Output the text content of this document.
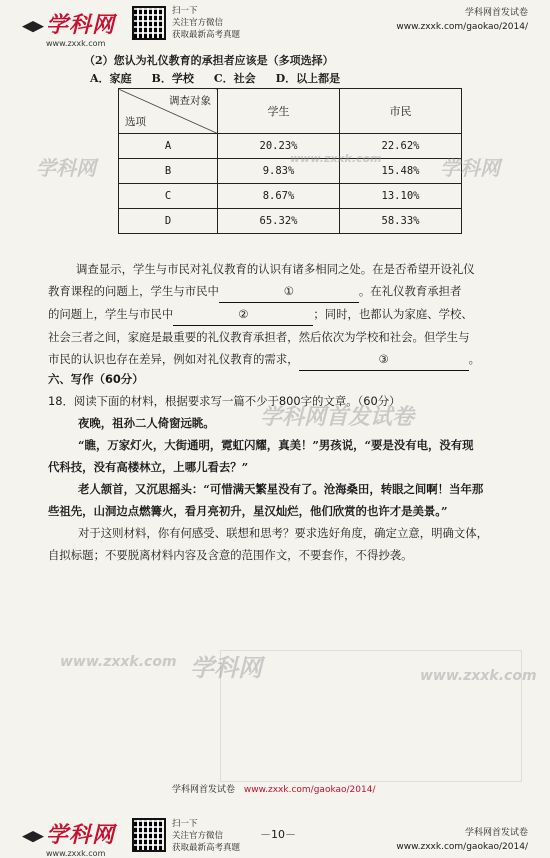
学科网
www.zxxk.com
扫一下
关注官方微信
获取最新高考真题
学科网首发试卷
www.zxxk.com/gaokao/2014/
（2）您认为礼仪教育的承担者应该是（多项选择）
A．家庭 B．学校 C．社会 D．以上都是
调查对象
选项	学生	市民
A	20.23%	22.62%
B	9.83%	15.48%
C	8.67%	13.10%
D	65.32%	58.33%
调查显示，学生与市民对礼仪教育的认识有诸多相同之处。在是否希望开设礼仪
教育课程的问题上，学生与市民中	①	。在礼仪教育承担者
的问题上，学生与市民中	②	；同时，也都认为家庭、学校、
社会三者之间，家庭是最重要的礼仪教育承担者，然后依次为学校和社会。但学生与
市民的认识也存在差异，例如对礼仪教育的需求，	③	。
六、写作（60分）
18．阅读下面的材料，根据要求写一篇不少于800字的文章。（60分）
夜晚，祖孙二人倚窗远眺。
“瞧，万家灯火，大街通明，霓虹闪耀，真美！”男孩说，“要是没有电，没有现
代科技，没有高楼林立，上哪儿看去？”
老人颔首，又沉思摇头：“可惜满天繁星没有了。沧海桑田，转眼之间啊！当年那
些祖先，山洞边点燃篝火，看月亮初升，星汉灿烂，他们欣赏的也许才是美景。”
对于这则材料，你有何感受、联想和思考？要求选好角度，确定立意，明确文体，
自拟标题；不要脱离材料内容及含意的范围作文，不要套作，不得抄袭。
学科网首发试卷
学科网	学科网
www.zxxk.com
www.zxxk.com 学科网	www.zxxk.com
学科网首发试卷 www.zxxk.com/gaokao/2014/
－10－
学科网
www.zxxk.com
扫一下
关注官方微信
获取最新高考真题
学科网首发试卷
www.zxxk.com/gaokao/2014/
